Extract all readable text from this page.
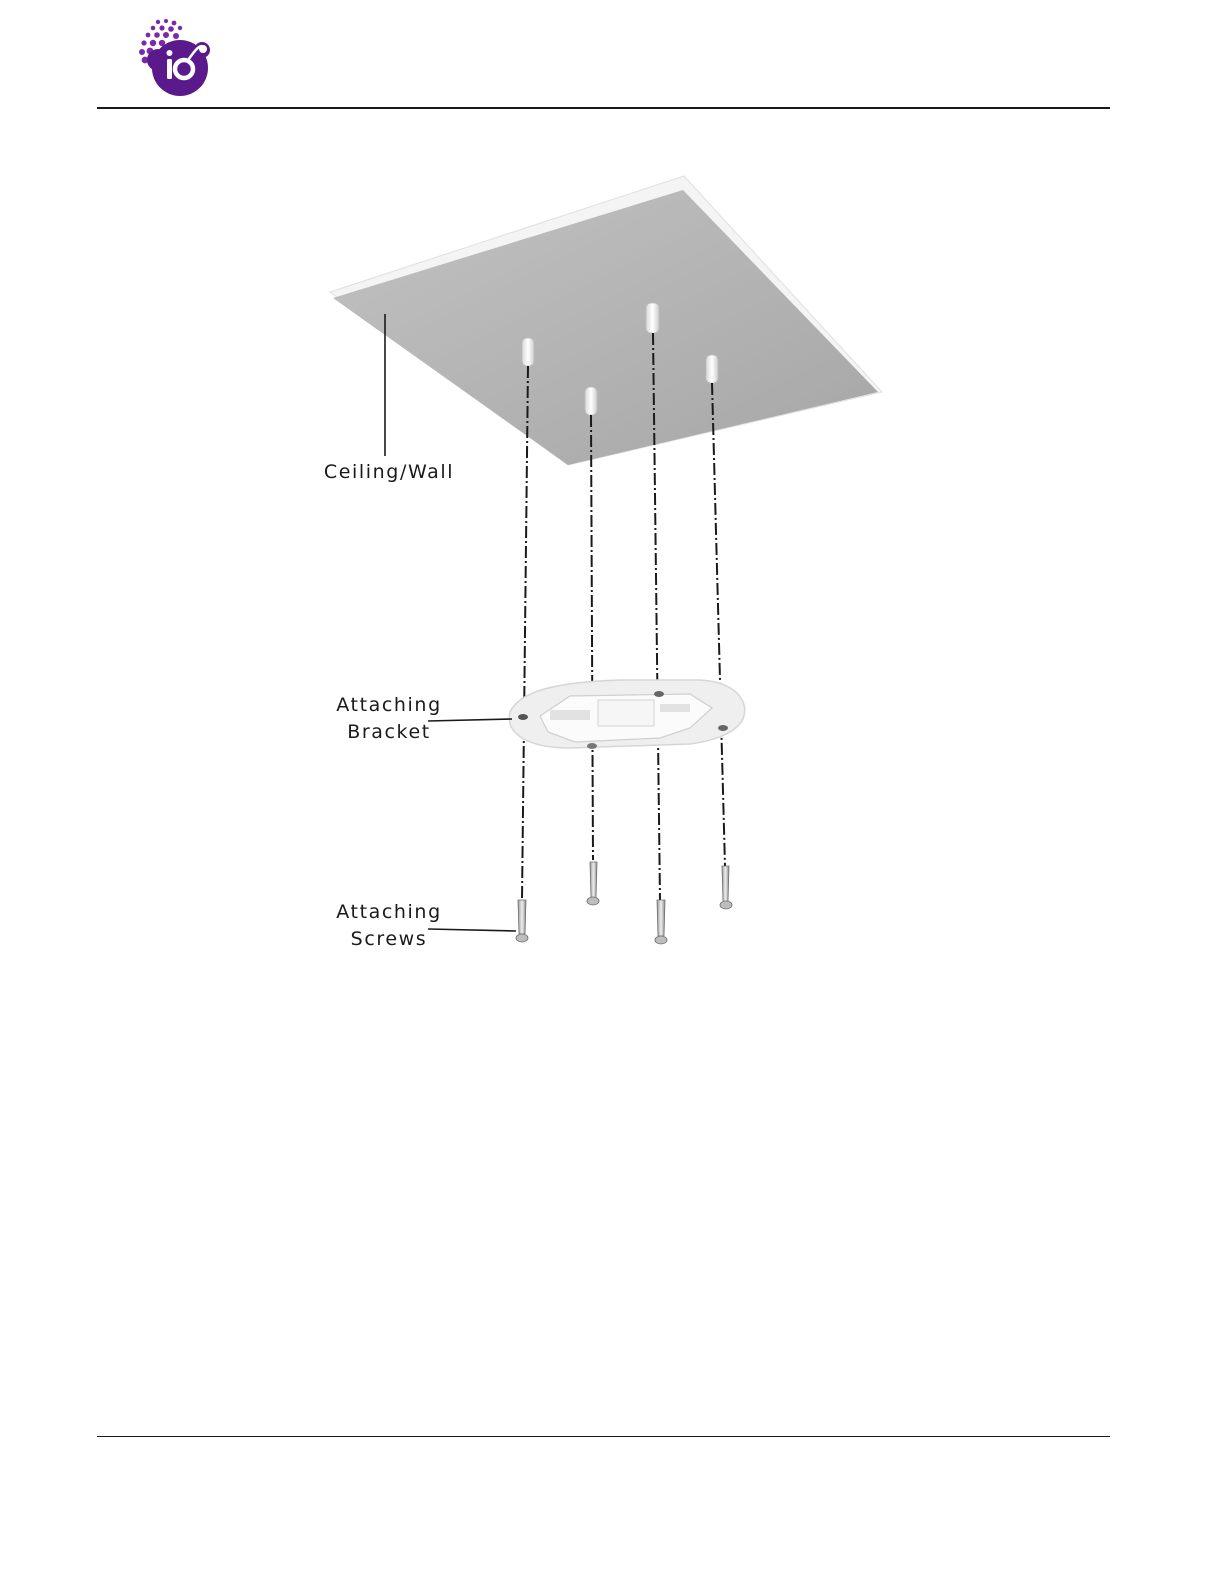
Ceiling/Wall
Attaching
Bracket
Attaching
Screws
